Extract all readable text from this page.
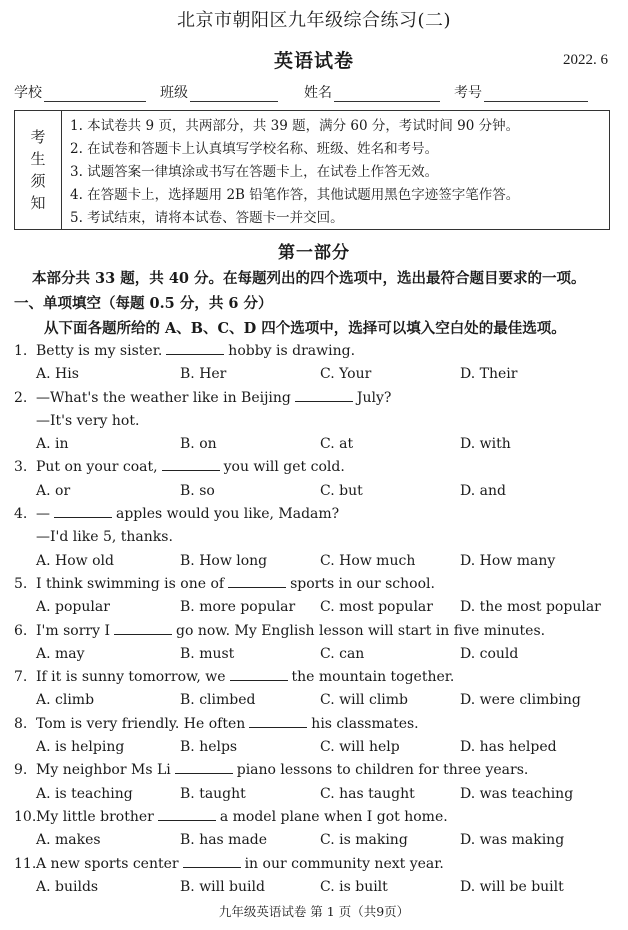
北京市朝阳区九年级综合练习(二)
英语试卷	2022. 6
学校	班级	姓名	考号
考
生
须
知
1. 本试卷共 9 页，共两部分，共 39 题，满分 60 分，考试时间 90 分钟。
2. 在试卷和答题卡上认真填写学校名称、班级、姓名和考号。
3. 试题答案一律填涂或书写在答题卡上，在试卷上作答无效。
4. 在答题卡上，选择题用 2B 铅笔作答，其他试题用黑色字迹签字笔作答。
5. 考试结束，请将本试卷、答题卡一并交回。
第一部分
本部分共 33 题，共 40 分。在每题列出的四个选项中，选出最符合题目要求的一项。
一、单项填空（每题 0.5 分，共 6 分）
从下面各题所给的 A、B、C、D 四个选项中，选择可以填入空白处的最佳选项。
1. Betty is my sister.	hobby is drawing.
A. His	B. Her	C. Your	D. Their
2. —What's the weather like in Beijing	July?
—It's very hot.
A. in	B. on	C. at	D. with
3. Put on your coat,	you will get cold.
A. or	B. so	C. but	D. and
4. —	apples would you like, Madam?
—I'd like 5, thanks.
A. How old	B. How long	C. How much	D. How many
5. I think swimming is one of	sports in our school.
A. popular	B. more popular C. most popular D. the most popular
6. I'm sorry I	go now. My English lesson will start in five minutes.
A. may	B. must	C. can	D. could
7. If it is sunny tomorrow, we	the mountain together.
A. climb	B. climbed	C. will climb	D. were climbing
8. Tom is very friendly. He often	his classmates.
A. is helping	B. helps	C. will help	D. has helped
9. My neighbor Ms Li	piano lessons to children for three years.
A. is teaching	B. taught	C. has taught	D. was teaching
10.My little brother	a model plane when I got home.
A. makes	B. has made	C. is making	D. was making
11.A new sports center	in our community next year.
A. builds	B. will build	C. is built	D. will be built
九年级英语试卷 第 1 页（共9页）
